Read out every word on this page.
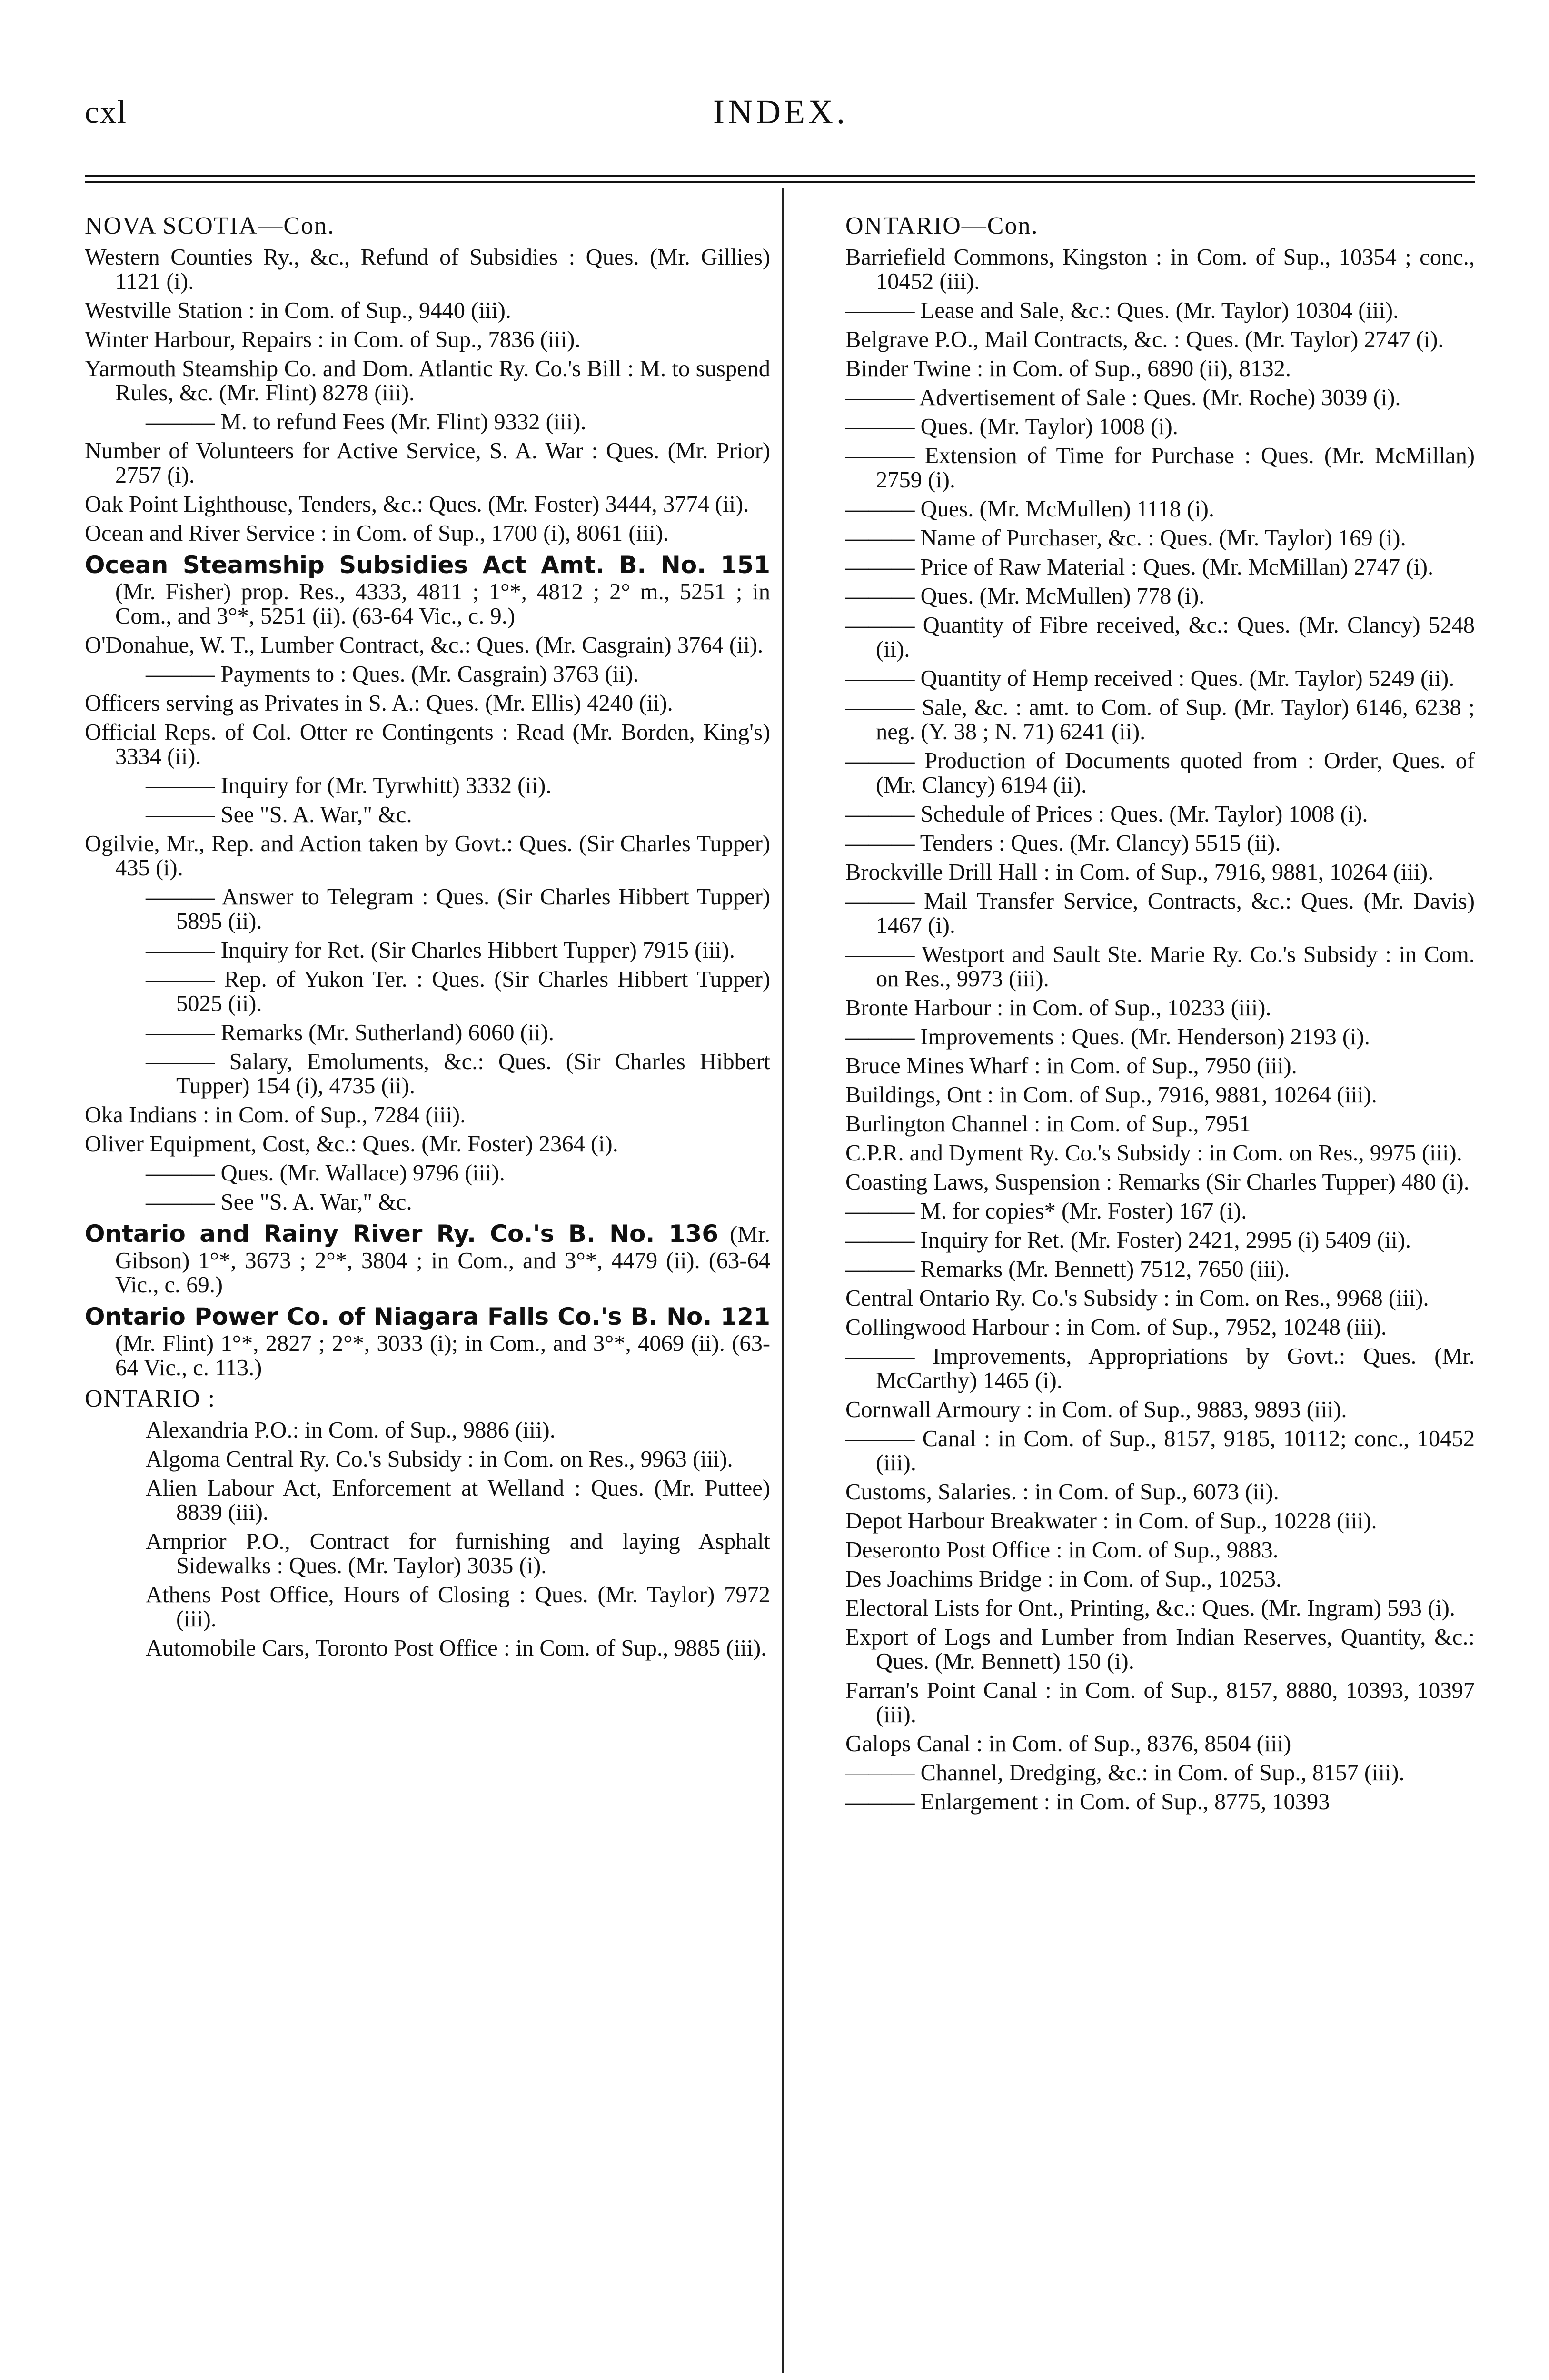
cxl	INDEX.
NOVA SCOTIA—Con.
Western Counties Ry., &c., Refund of Subsidies : Ques. (Mr. Gillies) 1121 (i).
Westville Station : in Com. of Sup., 9440 (iii).
Winter Harbour, Repairs : in Com. of Sup., 7836 (iii).
Yarmouth Steamship Co. and Dom. Atlantic Ry. Co.'s Bill : M. to suspend Rules, &c. (Mr. Flint) 8278 (iii).
——— M. to refund Fees (Mr. Flint) 9332 (iii).
Number of Volunteers for Active Service, S. A. War : Ques. (Mr. Prior) 2757 (i).
Oak Point Lighthouse, Tenders, &c.: Ques. (Mr. Foster) 3444, 3774 (ii).
Ocean and River Service : in Com. of Sup., 1700 (i), 8061 (iii).
Ocean Steamship Subsidies Act Amt. B. No. 151 (Mr. Fisher) prop. Res., 4333, 4811 ; 1°*, 4812 ; 2° m., 5251 ; in Com., and 3°*, 5251 (ii). (63-64 Vic., c. 9.)
O'Donahue, W. T., Lumber Contract, &c.: Ques. (Mr. Casgrain) 3764 (ii).
——— Payments to : Ques. (Mr. Casgrain) 3763 (ii).
Officers serving as Privates in S. A.: Ques. (Mr. Ellis) 4240 (ii).
Official Reps. of Col. Otter re Contingents : Read (Mr. Borden, King's) 3334 (ii).
——— Inquiry for (Mr. Tyrwhitt) 3332 (ii).
——— See "S. A. War," &c.
Ogilvie, Mr., Rep. and Action taken by Govt.: Ques. (Sir Charles Tupper) 435 (i).
——— Answer to Telegram : Ques. (Sir Charles Hibbert Tupper) 5895 (ii).
——— Inquiry for Ret. (Sir Charles Hibbert Tupper) 7915 (iii).
——— Rep. of Yukon Ter. : Ques. (Sir Charles Hibbert Tupper) 5025 (ii).
——— Remarks (Mr. Sutherland) 6060 (ii).
——— Salary, Emoluments, &c.: Ques. (Sir Charles Hibbert Tupper) 154 (i), 4735 (ii).
Oka Indians : in Com. of Sup., 7284 (iii).
Oliver Equipment, Cost, &c.: Ques. (Mr. Foster) 2364 (i).
——— Ques. (Mr. Wallace) 9796 (iii).
——— See "S. A. War," &c.
Ontario and Rainy River Ry. Co.'s B. No. 136 (Mr. Gibson) 1°*, 3673 ; 2°*, 3804 ; in Com., and 3°*, 4479 (ii). (63-64 Vic., c. 69.)
Ontario Power Co. of Niagara Falls Co.'s B. No. 121 (Mr. Flint) 1°*, 2827 ; 2°*, 3033 (i); in Com., and 3°*, 4069 (ii). (63-64 Vic., c. 113.)
ONTARIO :
Alexandria P.O.: in Com. of Sup., 9886 (iii).
Algoma Central Ry. Co.'s Subsidy : in Com. on Res., 9963 (iii).
Alien Labour Act, Enforcement at Welland : Ques. (Mr. Puttee) 8839 (iii).
Arnprior P.O., Contract for furnishing and laying Asphalt Sidewalks : Ques. (Mr. Taylor) 3035 (i).
Athens Post Office, Hours of Closing : Ques. (Mr. Taylor) 7972 (iii).
Automobile Cars, Toronto Post Office : in Com. of Sup., 9885 (iii).
ONTARIO—Con.
Barriefield Commons, Kingston : in Com. of Sup., 10354 ; conc., 10452 (iii).
——— Lease and Sale, &c.: Ques. (Mr. Taylor) 10304 (iii).
Belgrave P.O., Mail Contracts, &c. : Ques. (Mr. Taylor) 2747 (i).
Binder Twine : in Com. of Sup., 6890 (ii), 8132.
——— Advertisement of Sale : Ques. (Mr. Roche) 3039 (i).
——— Ques. (Mr. Taylor) 1008 (i).
——— Extension of Time for Purchase : Ques. (Mr. McMillan) 2759 (i).
——— Ques. (Mr. McMullen) 1118 (i).
——— Name of Purchaser, &c. : Ques. (Mr. Taylor) 169 (i).
——— Price of Raw Material : Ques. (Mr. McMillan) 2747 (i).
——— Ques. (Mr. McMullen) 778 (i).
——— Quantity of Fibre received, &c.: Ques. (Mr. Clancy) 5248 (ii).
——— Quantity of Hemp received : Ques. (Mr. Taylor) 5249 (ii).
——— Sale, &c. : amt. to Com. of Sup. (Mr. Taylor) 6146, 6238 ; neg. (Y. 38 ; N. 71) 6241 (ii).
——— Production of Documents quoted from : Order, Ques. of (Mr. Clancy) 6194 (ii).
——— Schedule of Prices : Ques. (Mr. Taylor) 1008 (i).
——— Tenders : Ques. (Mr. Clancy) 5515 (ii).
Brockville Drill Hall : in Com. of Sup., 7916, 9881, 10264 (iii).
——— Mail Transfer Service, Contracts, &c.: Ques. (Mr. Davis) 1467 (i).
——— Westport and Sault Ste. Marie Ry. Co.'s Subsidy : in Com. on Res., 9973 (iii).
Bronte Harbour : in Com. of Sup., 10233 (iii).
——— Improvements : Ques. (Mr. Henderson) 2193 (i).
Bruce Mines Wharf : in Com. of Sup., 7950 (iii).
Buildings, Ont : in Com. of Sup., 7916, 9881, 10264 (iii).
Burlington Channel : in Com. of Sup., 7951
C.P.R. and Dyment Ry. Co.'s Subsidy : in Com. on Res., 9975 (iii).
Coasting Laws, Suspension : Remarks (Sir Charles Tupper) 480 (i).
——— M. for copies* (Mr. Foster) 167 (i).
——— Inquiry for Ret. (Mr. Foster) 2421, 2995 (i) 5409 (ii).
——— Remarks (Mr. Bennett) 7512, 7650 (iii).
Central Ontario Ry. Co.'s Subsidy : in Com. on Res., 9968 (iii).
Collingwood Harbour : in Com. of Sup., 7952, 10248 (iii).
——— Improvements, Appropriations by Govt.: Ques. (Mr. McCarthy) 1465 (i).
Cornwall Armoury : in Com. of Sup., 9883, 9893 (iii).
——— Canal : in Com. of Sup., 8157, 9185, 10112; conc., 10452 (iii).
Customs, Salaries. : in Com. of Sup., 6073 (ii).
Depot Harbour Breakwater : in Com. of Sup., 10228 (iii).
Deseronto Post Office : in Com. of Sup., 9883.
Des Joachims Bridge : in Com. of Sup., 10253.
Electoral Lists for Ont., Printing, &c.: Ques. (Mr. Ingram) 593 (i).
Export of Logs and Lumber from Indian Reserves, Quantity, &c.: Ques. (Mr. Bennett) 150 (i).
Farran's Point Canal : in Com. of Sup., 8157, 8880, 10393, 10397 (iii).
Galops Canal : in Com. of Sup., 8376, 8504 (iii)
——— Channel, Dredging, &c.: in Com. of Sup., 8157 (iii).
——— Enlargement : in Com. of Sup., 8775, 10393
